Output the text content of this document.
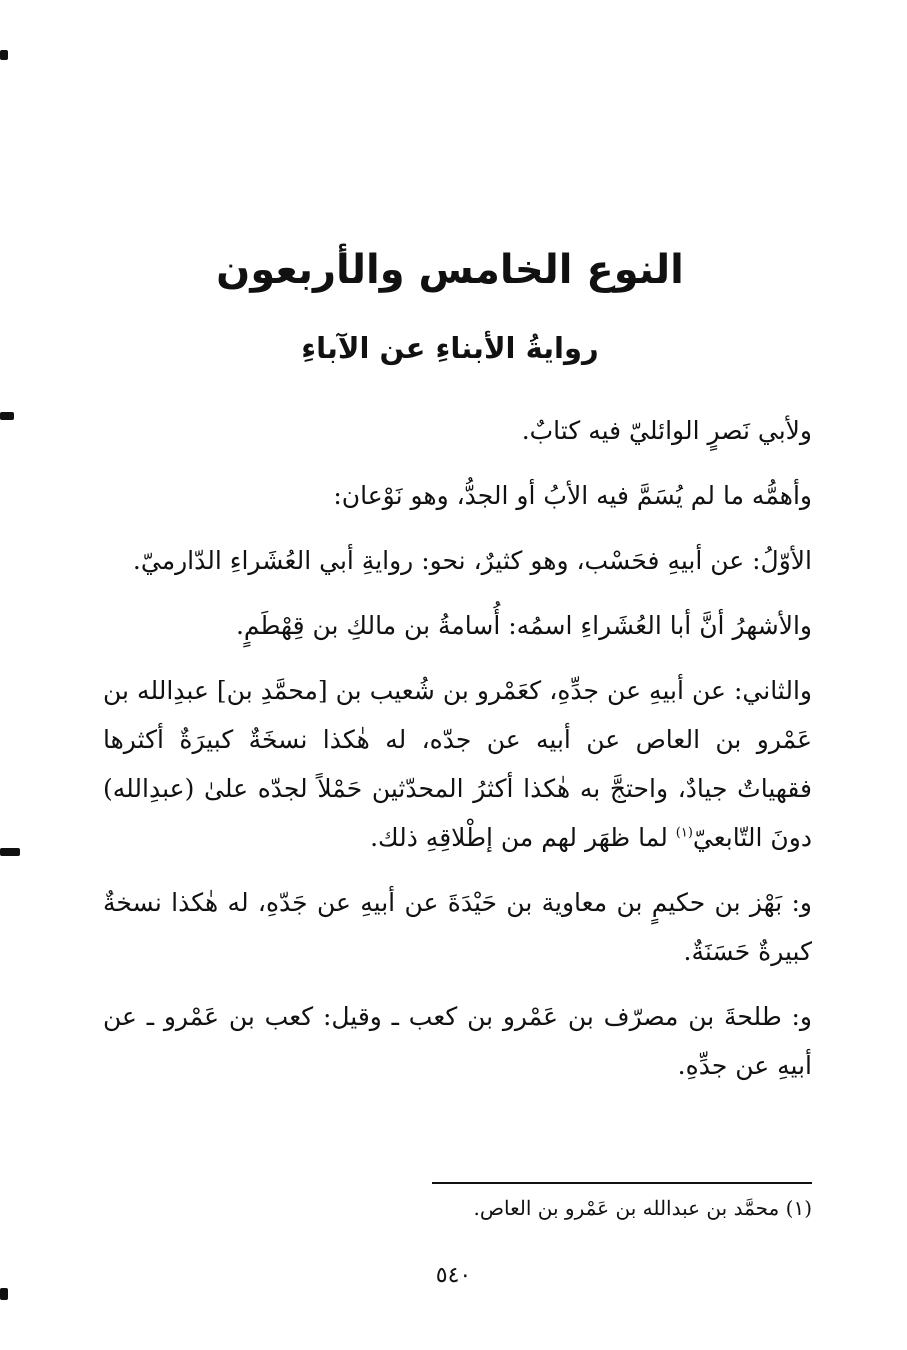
النوع الخامس والأربعون
روايةُ الأبناءِ عن الآباءِ

ولأبي نَصرٍ الوائليّ فيه كتابٌ.

وأهمُّه ما لم يُسَمَّ فيه الأبُ أو الجدُّ، وهو نَوْعان:

الأوّلُ: عن أبيهِ فحَسْب، وهو كثيرٌ، نحو: روايةِ أبي العُشَراءِ الدّارميّ.

والأشهرُ أنَّ أبا العُشَراءِ اسمُه: أُسامةُ بن مالكِ بن قِهْطَمٍ.

والثاني: عن أبيهِ عن جدِّهِ، كعَمْرو بن شُعيب بن [محمَّدِ بن] عبدِالله بن عَمْرو بن العاص عن أبيه عن جدّه، له هٰكذا نسخَةٌ كبيرَةٌ أكثرها فقهياتٌ جيادٌ، واحتجَّ به هٰكذا أكثرُ المحدّثين حَمْلاً لجدّه علىٰ (عبدِالله) دونَ التّابعيّ$^{(١)}$ لما ظهَر لهم من إطْلاقِهِ ذلك.

و: بَهْز بن حكيمٍ بن معاوية بن حَيْدَةَ عن أبيهِ عن جَدّهِ، له هٰكذا نسخةٌ كبيرةٌ حَسَنَةٌ.

و: طلحةَ بن مصرّف بن عَمْرو بن كعب ـ وقيل: كعب بن عَمْرو ـ عن أبيهِ عن جدِّهِ.

(١) محمَّد بن عبدالله بن عَمْرو بن العاص.
٥٤٠
